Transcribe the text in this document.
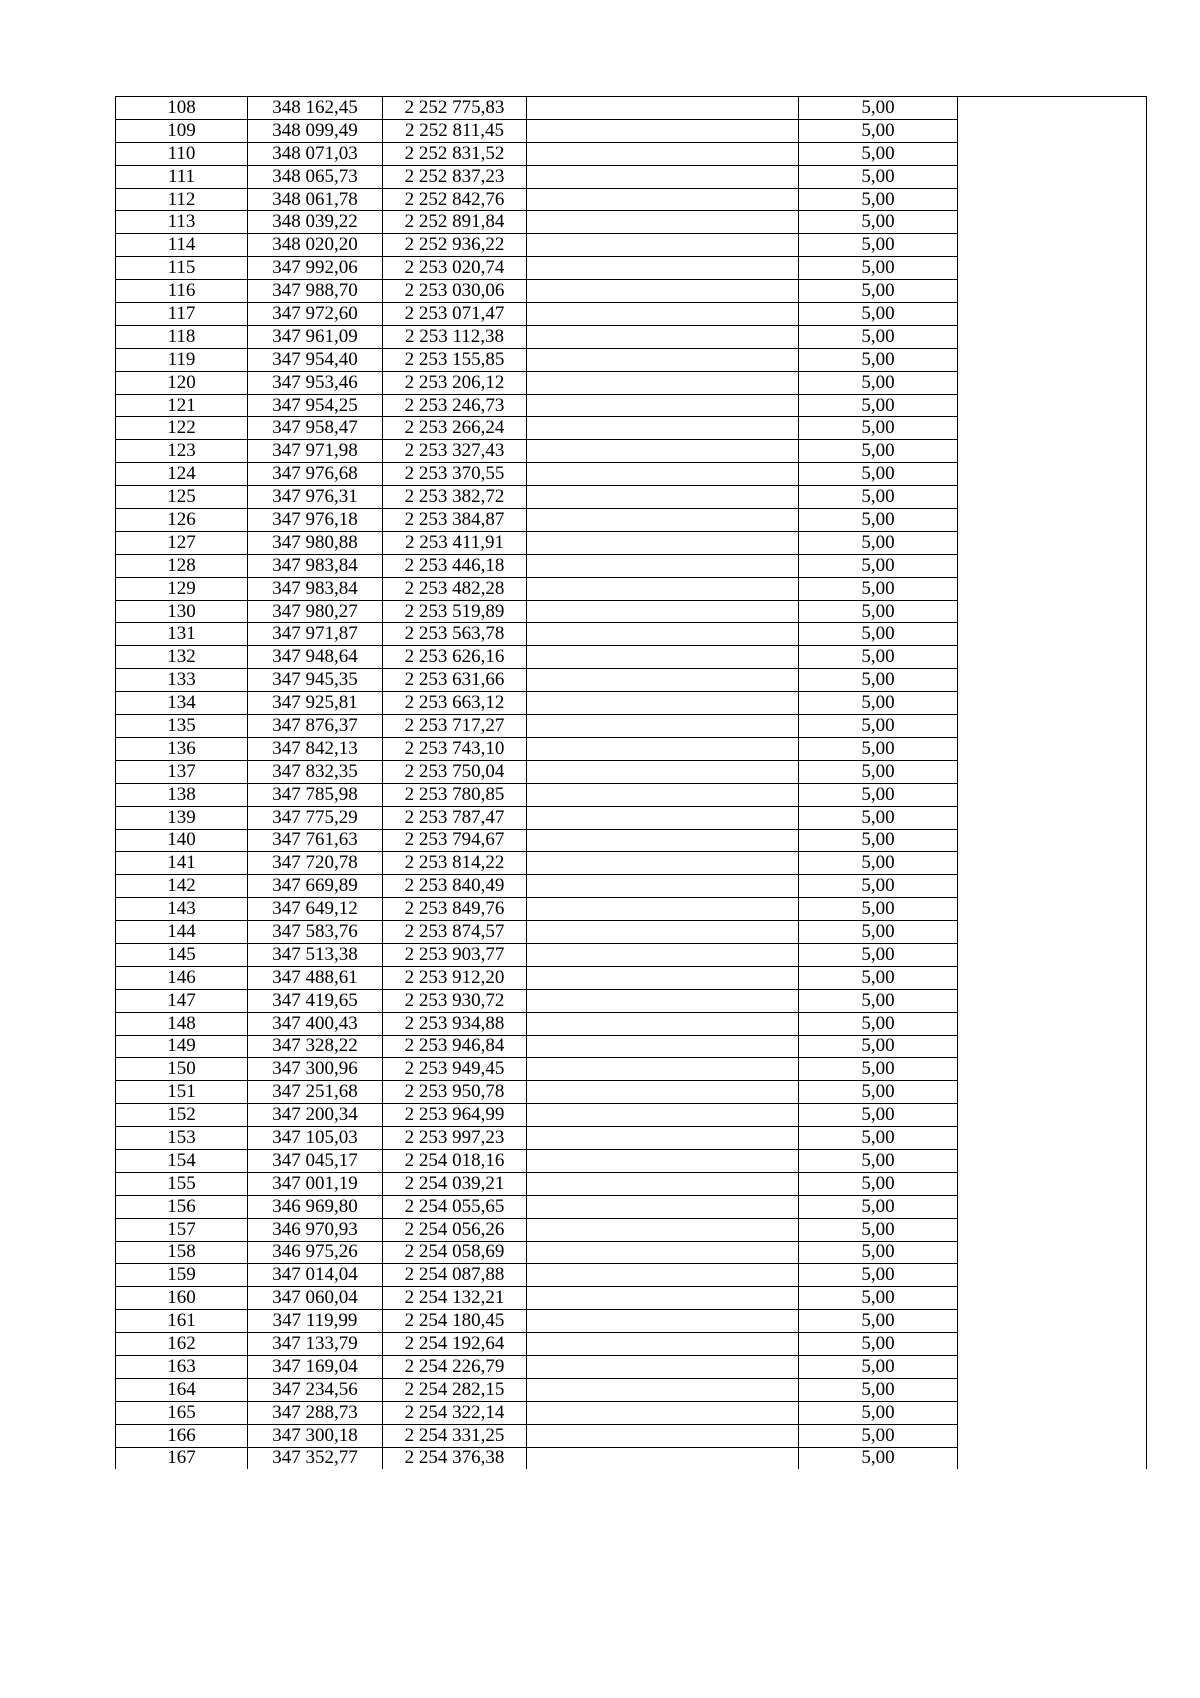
108	348 162,45	2 252 775,83		5,00	
109	348 099,49	2 252 811,45		5,00	
110	348 071,03	2 252 831,52		5,00	
111	348 065,73	2 252 837,23		5,00	
112	348 061,78	2 252 842,76		5,00	
113	348 039,22	2 252 891,84		5,00	
114	348 020,20	2 252 936,22		5,00	
115	347 992,06	2 253 020,74		5,00	
116	347 988,70	2 253 030,06		5,00	
117	347 972,60	2 253 071,47		5,00	
118	347 961,09	2 253 112,38		5,00	
119	347 954,40	2 253 155,85		5,00	
120	347 953,46	2 253 206,12		5,00	
121	347 954,25	2 253 246,73		5,00	
122	347 958,47	2 253 266,24		5,00	
123	347 971,98	2 253 327,43		5,00	
124	347 976,68	2 253 370,55		5,00	
125	347 976,31	2 253 382,72		5,00	
126	347 976,18	2 253 384,87		5,00	
127	347 980,88	2 253 411,91		5,00	
128	347 983,84	2 253 446,18		5,00	
129	347 983,84	2 253 482,28		5,00	
130	347 980,27	2 253 519,89		5,00	
131	347 971,87	2 253 563,78		5,00	
132	347 948,64	2 253 626,16		5,00	
133	347 945,35	2 253 631,66		5,00	
134	347 925,81	2 253 663,12		5,00	
135	347 876,37	2 253 717,27		5,00	
136	347 842,13	2 253 743,10		5,00	
137	347 832,35	2 253 750,04		5,00	
138	347 785,98	2 253 780,85		5,00	
139	347 775,29	2 253 787,47		5,00	
140	347 761,63	2 253 794,67		5,00	
141	347 720,78	2 253 814,22		5,00	
142	347 669,89	2 253 840,49		5,00	
143	347 649,12	2 253 849,76		5,00	
144	347 583,76	2 253 874,57		5,00	
145	347 513,38	2 253 903,77		5,00	
146	347 488,61	2 253 912,20		5,00	
147	347 419,65	2 253 930,72		5,00	
148	347 400,43	2 253 934,88		5,00	
149	347 328,22	2 253 946,84		5,00	
150	347 300,96	2 253 949,45		5,00	
151	347 251,68	2 253 950,78		5,00	
152	347 200,34	2 253 964,99		5,00	
153	347 105,03	2 253 997,23		5,00	
154	347 045,17	2 254 018,16		5,00	
155	347 001,19	2 254 039,21		5,00	
156	346 969,80	2 254 055,65		5,00	
157	346 970,93	2 254 056,26		5,00	
158	346 975,26	2 254 058,69		5,00	
159	347 014,04	2 254 087,88		5,00	
160	347 060,04	2 254 132,21		5,00	
161	347 119,99	2 254 180,45		5,00	
162	347 133,79	2 254 192,64		5,00	
163	347 169,04	2 254 226,79		5,00	
164	347 234,56	2 254 282,15		5,00	
165	347 288,73	2 254 322,14		5,00	
166	347 300,18	2 254 331,25		5,00	
167	347 352,77	2 254 376,38		5,00	
